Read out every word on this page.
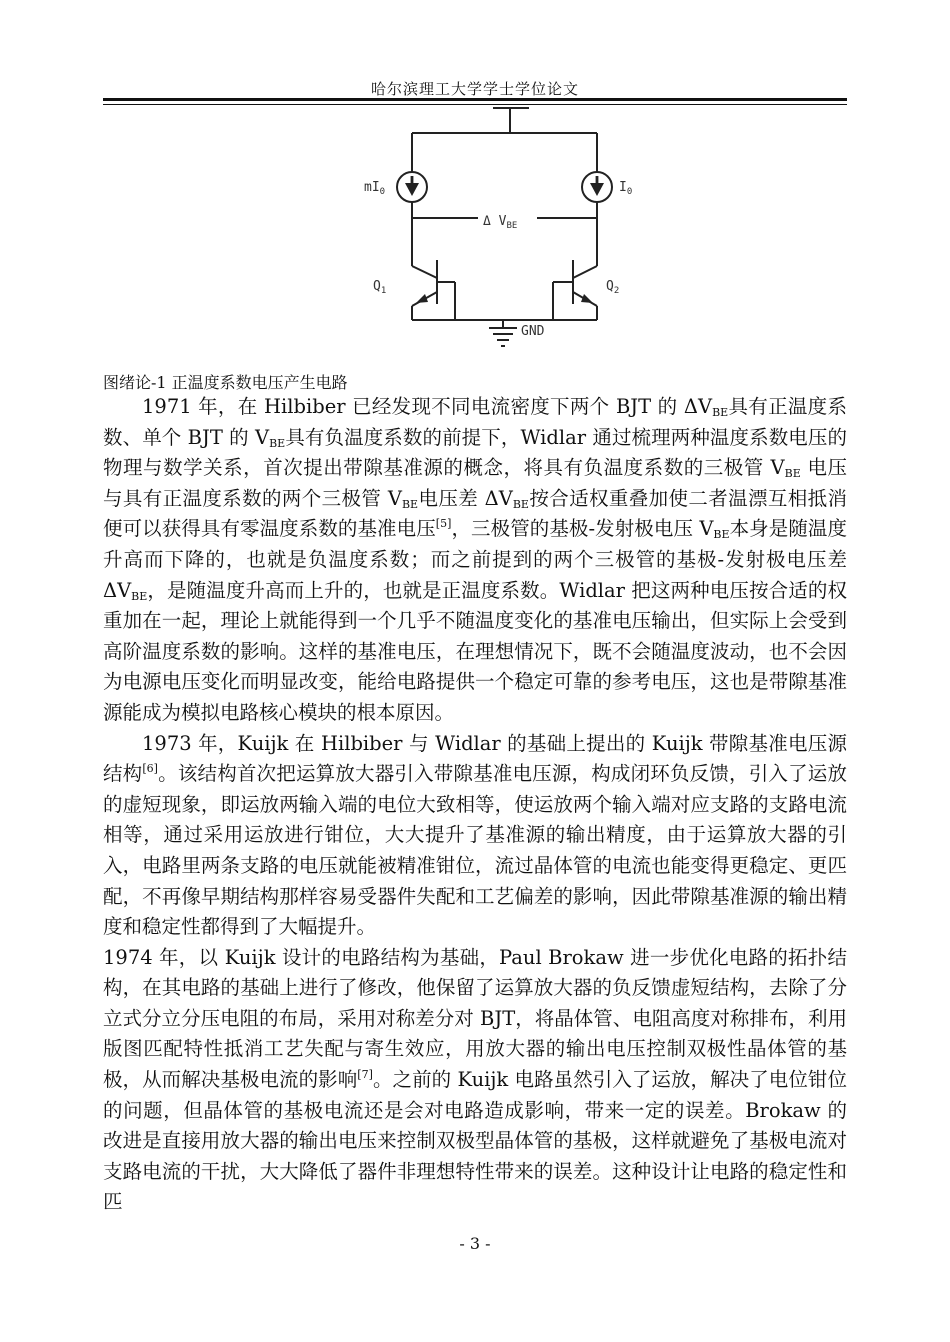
哈尔滨理工大学学士学位论文
$mI_0$	$I_0$
Δ $V_{BE}$
$Q_1$	$Q_2$
GND
图绪论-1 正温度系数电压产生电路

1971 年，在 Hilbiber 已经发现不同电流密度下两个 BJT 的 $\Delta V_{BE}$具有正温度系数、单个 BJT 的 $V_{BE}$具有负温度系数的前提下，Widlar 通过梳理两种温度系数电压的物理与数学关系，首次提出带隙基准源的概念，将具有负温度系数的三极管 $V_{BE}$ 电压与具有正温度系数的两个三极管 $V_{BE}$电压差 $\Delta V_{BE}$按合适权重叠加使二者温漂互相抵消便可以获得具有零温度系数的基准电压[5]，三极管的基极-发射极电压 $V_{BE}$本身是随温度升高而下降的，也就是负温度系数；而之前提到的两个三极管的基极-发射极电压差 $\Delta V_{BE}$，是随温度升高而上升的，也就是正温度系数。Widlar 把这两种电压按合适的权重加在一起，理论上就能得到一个几乎不随温度变化的基准电压输出，但实际上会受到高阶温度系数的影响。这样的基准电压，在理想情况下，既不会随温度波动，也不会因为电源电压变化而明显改变，能给电路提供一个稳定可靠的参考电压，这也是带隙基准源能成为模拟电路核心模块的根本原因。

1973 年，Kuijk 在 Hilbiber 与 Widlar 的基础上提出的 Kuijk 带隙基准电压源结构[6]。该结构首次把运算放大器引入带隙基准电压源，构成闭环负反馈，引入了运放的虚短现象，即运放两输入端的电位大致相等，使运放两个输入端对应支路的支路电流相等，通过采用运放进行钳位，大大提升了基准源的输出精度，由于运算放大器的引入，电路里两条支路的电压就能被精准钳位，流过晶体管的电流也能变得更稳定、更匹配，不再像早期结构那样容易受器件失配和工艺偏差的影响，因此带隙基准源的输出精度和稳定性都得到了大幅提升。

1974 年，以 Kuijk 设计的电路结构为基础，Paul Brokaw 进一步优化电路的拓扑结构，在其电路的基础上进行了修改，他保留了运算放大器的负反馈虚短结构，去除了分立式分立分压电阻的布局，采用对称差分对 BJT，将晶体管、电阻高度对称排布，利用版图匹配特性抵消工艺失配与寄生效应，用放大器的输出电压控制双极性晶体管的基极，从而解决基极电流的影响[7]。之前的 Kuijk 电路虽然引入了运放，解决了电位钳位的问题，但晶体管的基极电流还是会对电路造成影响，带来一定的误差。Brokaw 的改进是直接用放大器的输出电压来控制双极型晶体管的基极，这样就避免了基极电流对支路电流的干扰，大大降低了器件非理想特性带来的误差。这种设计让电路的稳定性和匹

- 3 -
